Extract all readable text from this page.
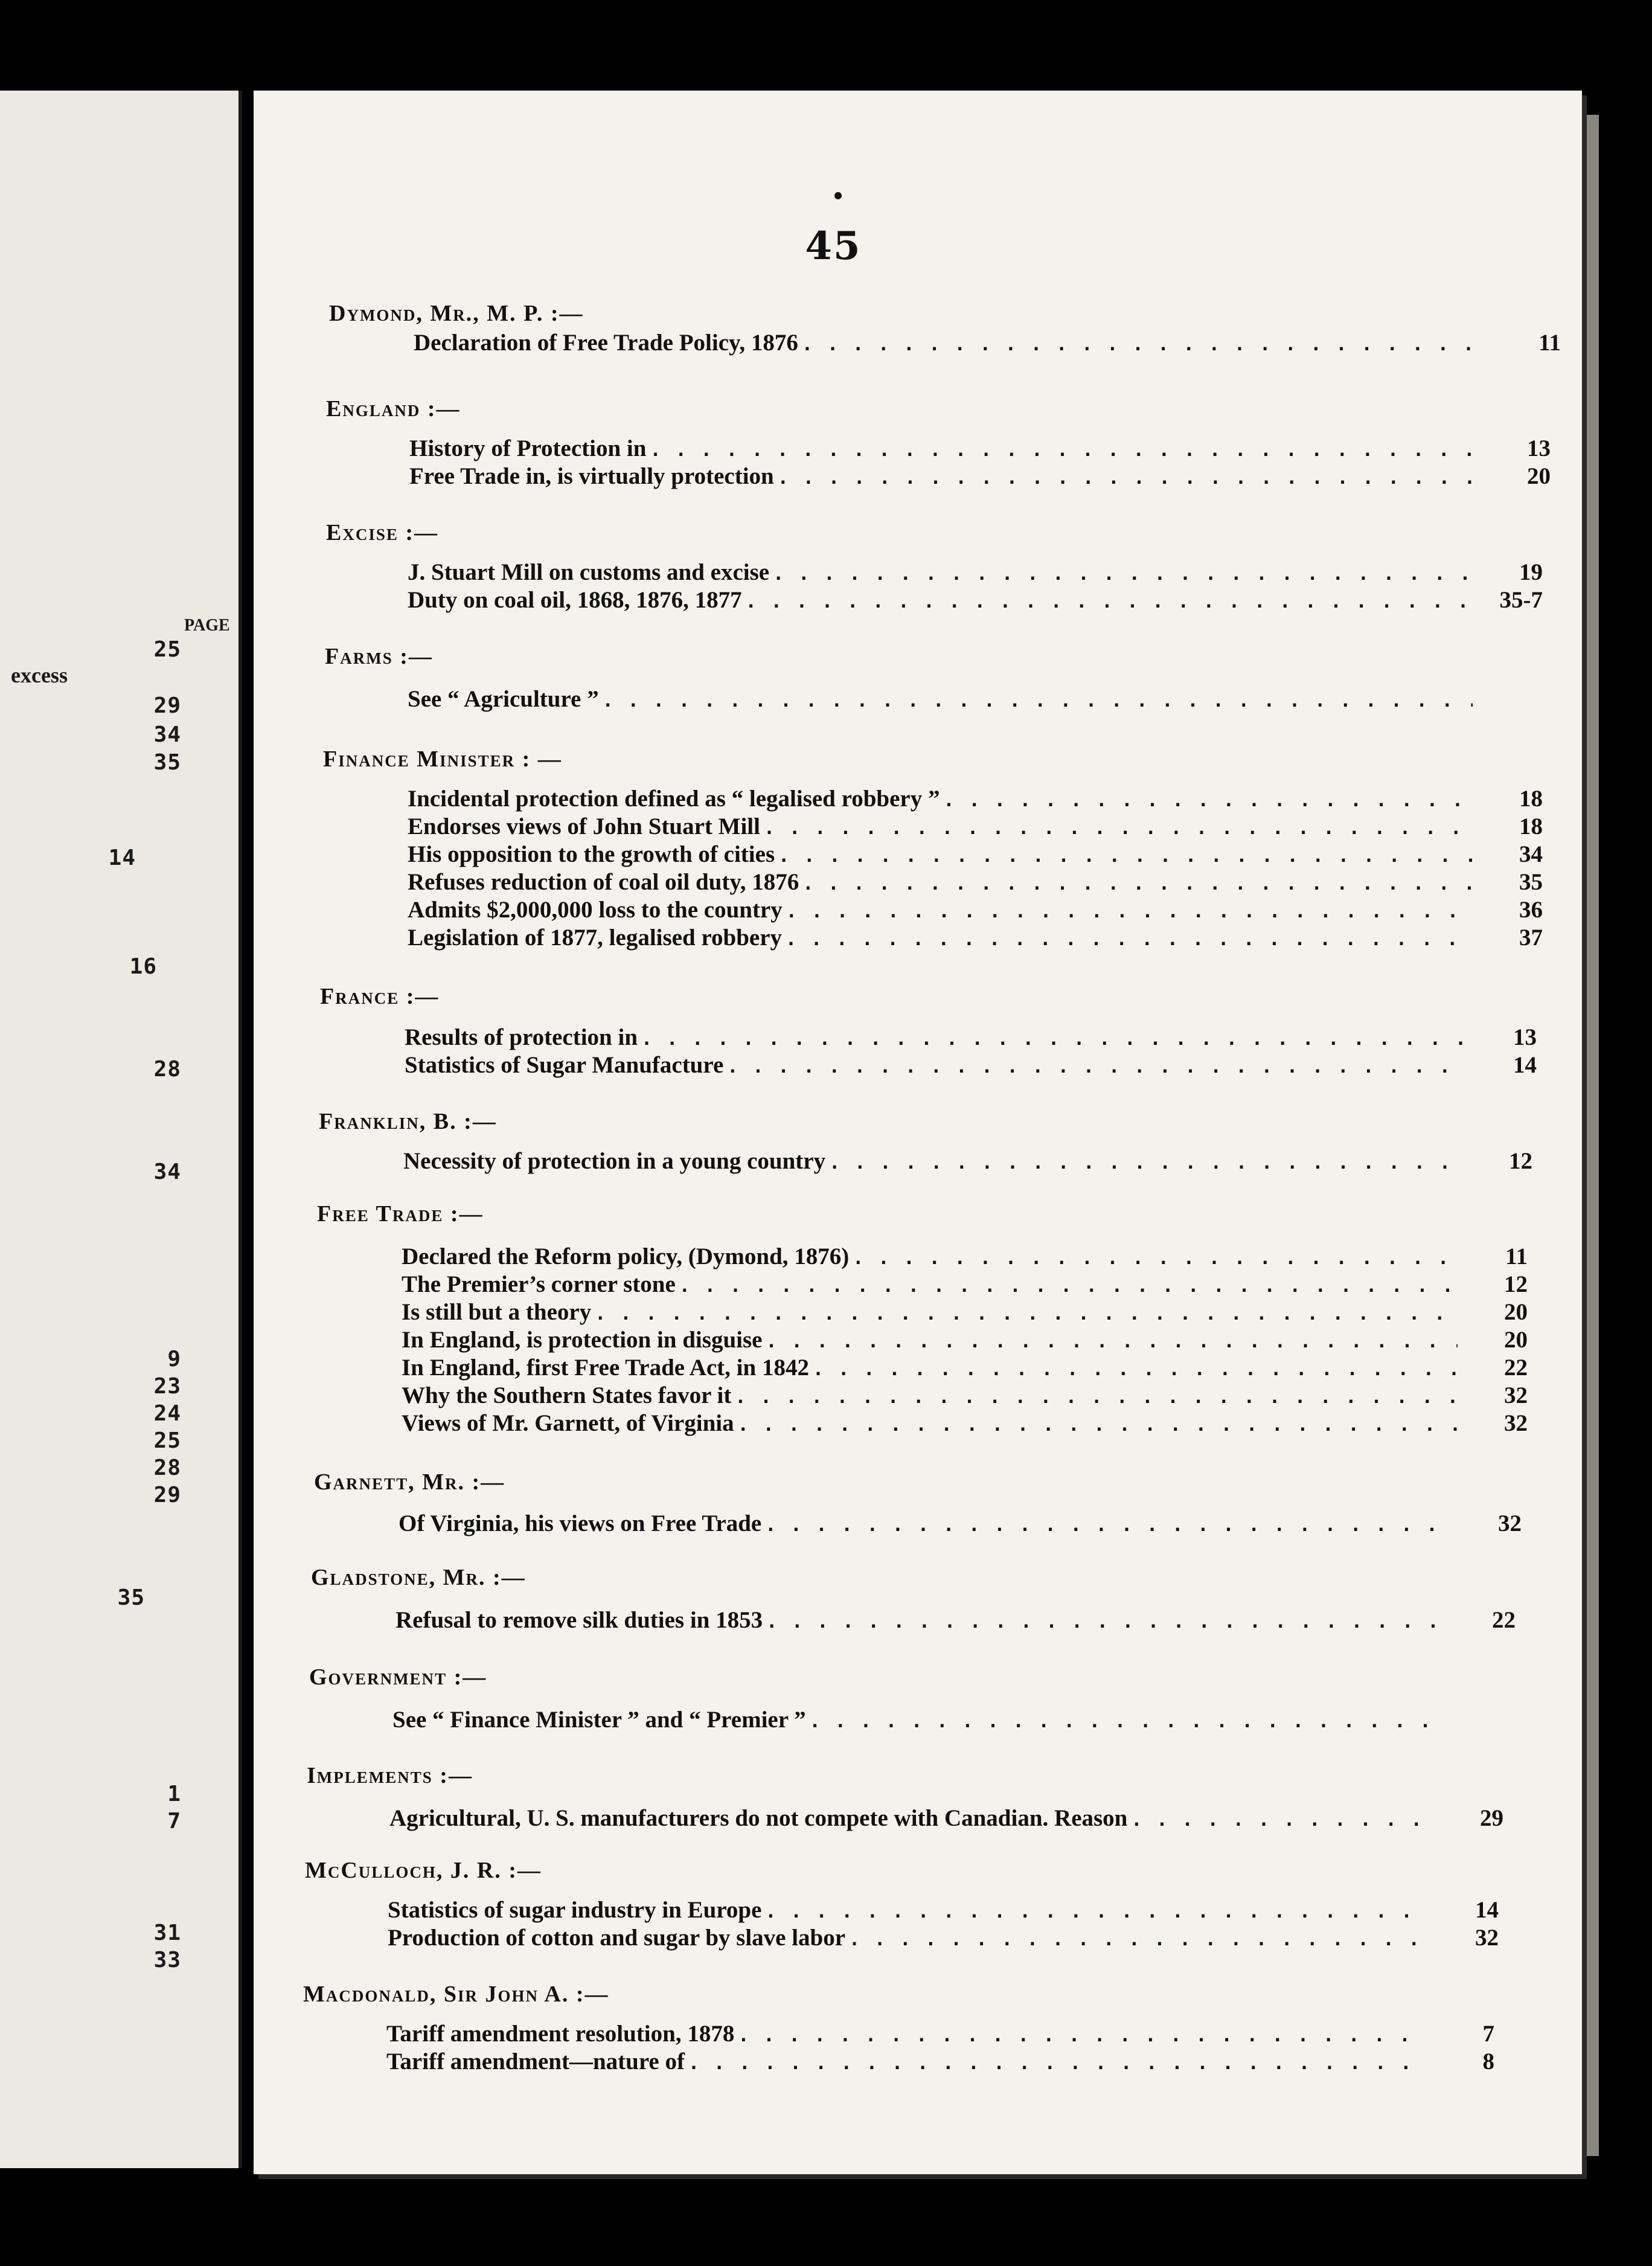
PAGE
25
excess
29
34
35
14
16
28
34
9
23
24
25
28
29
35
1
7
31
33
45
Dymond, Mr., M. P. :—
Declaration of Free Trade Policy, 1876 . . .	11
England :—
History of Protection in . . .	13
Free Trade in, is virtually protection . . .	20
Excise :—
J. Stuart Mill on customs and excise . . .	19
Duty on coal oil, 1868, 1876, 1877 . . .	35-7
Farms :—
See “ Agriculture ”
. . .
Finance Minister : —
Incidental protection defined as “ legalised robbery ” . . .	18
Endorses views of John Stuart Mill . . .	18
His opposition to the growth of cities . . .	34
Refuses reduction of coal oil duty, 1876 . . .	35
Admits $2,000,000 loss to the country . . .	36
Legislation of 1877, legalised robbery . . .	37
France :—
Results of protection in . . .	13
Statistics of Sugar Manufacture . . .	14
Franklin, B. :—
Necessity of protection in a young country . . .	12
Free Trade :—
Declared the Reform policy, (Dymond, 1876) . . .	11
The Premier’s corner stone . . .	12
Is still but a theory . . .	20
In England, is protection in disguise . . .	20
In England, first Free Trade Act, in 1842 . . .	22
Why the Southern States favor it . . .	32
Views of Mr. Garnett, of Virginia . . .	32
Garnett, Mr. :—
Of Virginia, his views on Free Trade . . .	32
Gladstone, Mr. :—
Refusal to remove silk duties in 1853 . . .	22
Government :—
See “ Finance Minister ” and “ Premier ”
. . .
Implements :—
Agricultural, U. S. manufacturers do not compete with Canadian. Reason . . .	29
McCulloch, J. R. :—
Statistics of sugar industry in Europe . . .	14
Production of cotton and sugar by slave labor . . .	32
Macdonald, Sir John A. :—
Tariff amendment resolution, 1878 . . .	7
Tariff amendment—nature of . . .	8
